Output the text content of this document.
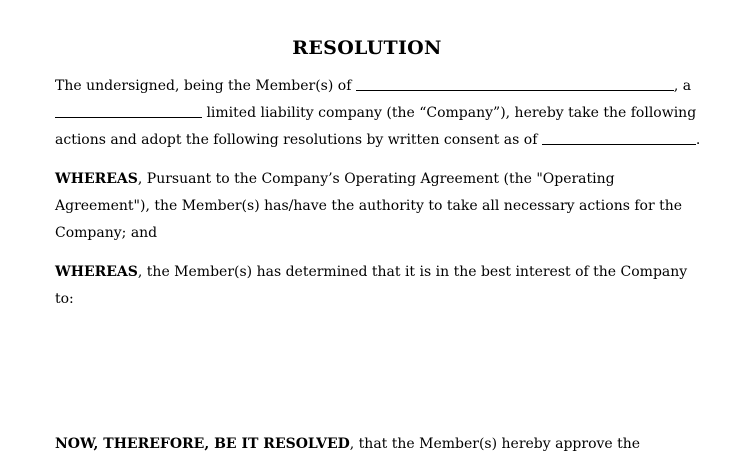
RESOLUTION
The undersigned, being the Member(s) of	, a
limited liability company (the “Company”), hereby take the following
actions and adopt the following resolutions by written consent as of	.
WHEREAS, Pursuant to the Company’s Operating Agreement (the "Operating
Agreement"), the Member(s) has/have the authority to take all necessary actions for the
Company; and
WHEREAS, the Member(s) has determined that it is in the best interest of the Company
to:
NOW, THEREFORE, BE IT RESOLVED, that the Member(s) hereby approve the
